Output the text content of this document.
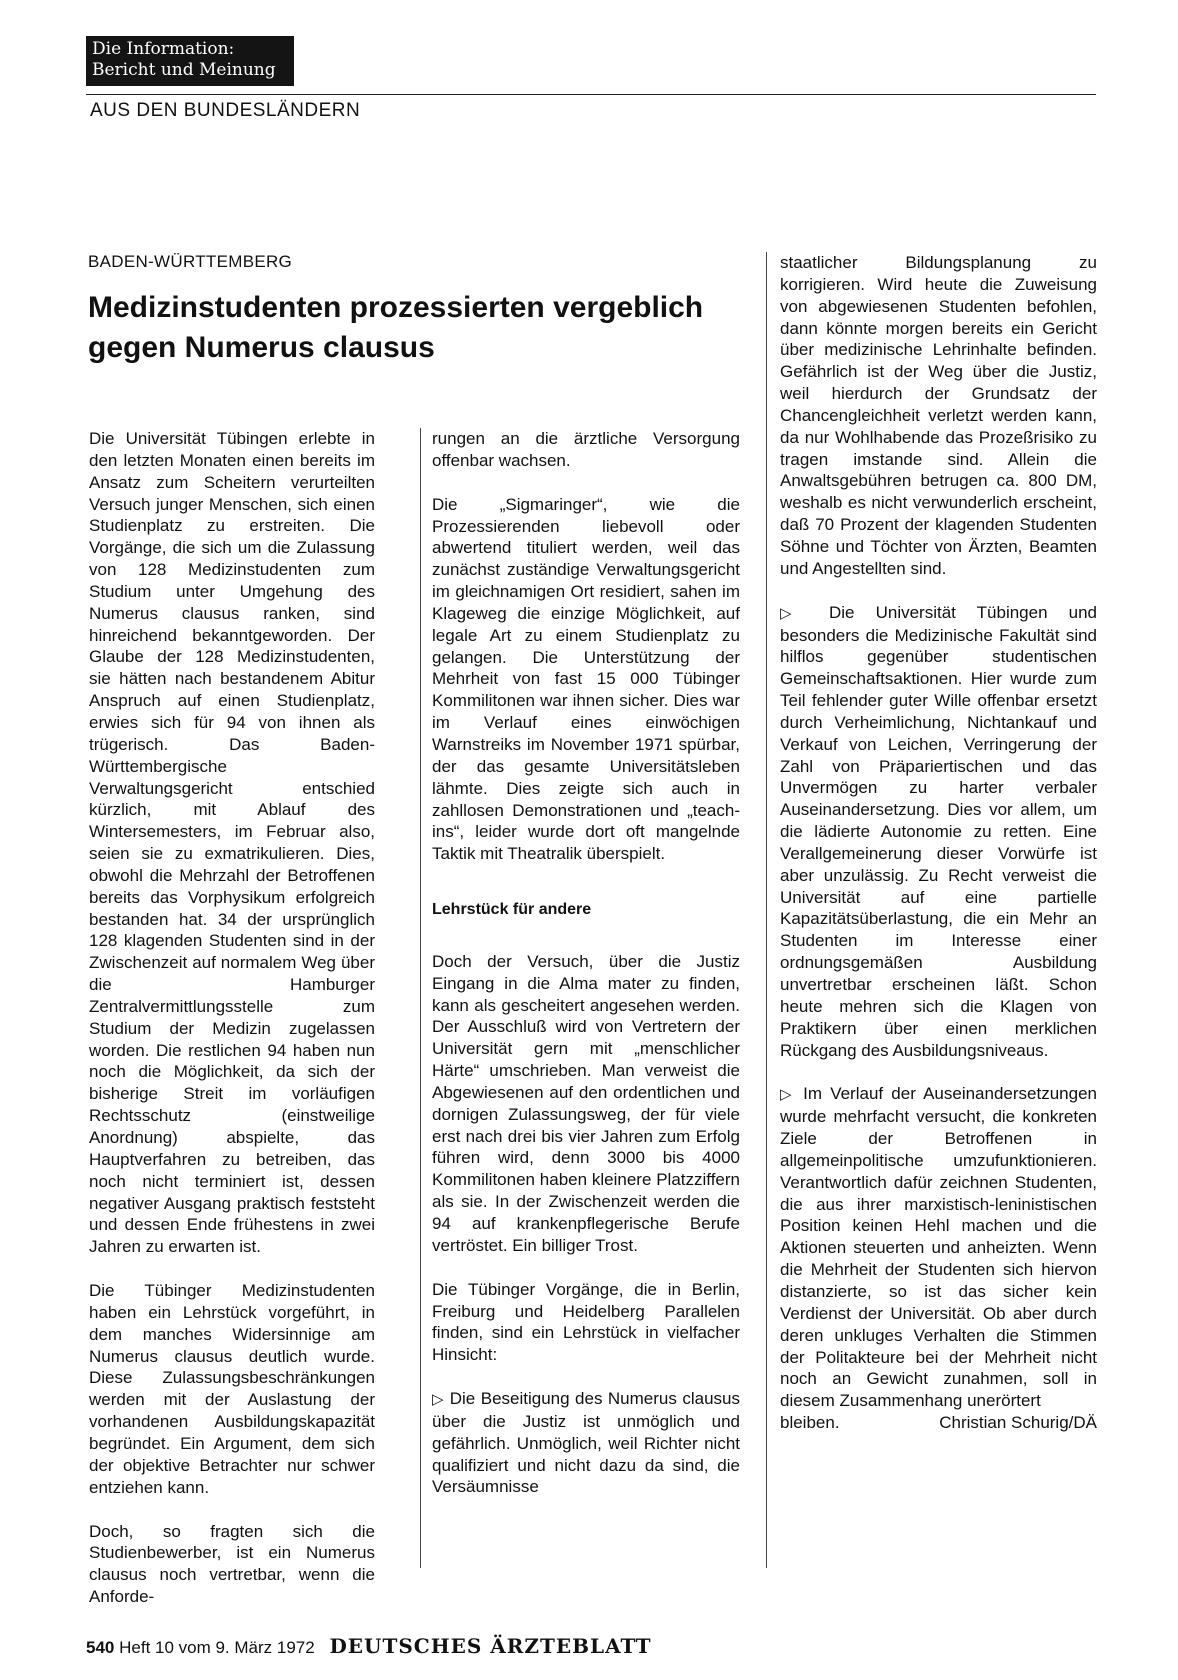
Die Information:
Bericht und Meinung
AUS DEN BUNDESLÄNDERN
BADEN-WÜRTTEMBERG
Medizinstudenten prozessierten vergeblich gegen Numerus clausus

Die Universität Tübingen erlebte in den letzten Monaten einen bereits im Ansatz zum Scheitern verurteilten Versuch junger Menschen, sich einen Studienplatz zu erstreiten. Die Vorgänge, die sich um die Zulassung von 128 Medizinstudenten zum Studium unter Umgehung des Numerus clausus ranken, sind hinreichend bekanntgeworden. Der Glaube der 128 Medizinstudenten, sie hätten nach bestandenem Abitur Anspruch auf einen Studienplatz, erwies sich für 94 von ihnen als trügerisch. Das Baden-Württembergische Verwaltungsgericht entschied kürzlich, mit Ablauf des Wintersemesters, im Februar also, seien sie zu exmatrikulieren. Dies, obwohl die Mehrzahl der Betroffenen bereits das Vorphysikum erfolgreich bestanden hat. 34 der ursprünglich 128 klagenden Studenten sind in der Zwischenzeit auf normalem Weg über die Hamburger Zentralvermittlungsstelle zum Studium der Medizin zugelassen worden. Die restlichen 94 haben nun noch die Möglichkeit, da sich der bisherige Streit im vorläufigen Rechtsschutz (einstweilige Anordnung) abspielte, das Hauptverfahren zu betreiben, das noch nicht terminiert ist, dessen negativer Ausgang praktisch feststeht und dessen Ende frühestens in zwei Jahren zu erwarten ist.

Die Tübinger Medizinstudenten haben ein Lehrstück vorgeführt, in dem manches Widersinnige am Numerus clausus deutlich wurde. Diese Zulassungsbeschränkungen werden mit der Auslastung der vorhandenen Ausbildungskapazität begründet. Ein Argument, dem sich der objektive Betrachter nur schwer entziehen kann.

Doch, so fragten sich die Studienbewerber, ist ein Numerus clausus noch vertretbar, wenn die Anforde-

rungen an die ärztliche Versorgung offenbar wachsen.

Die „Sigmaringer“, wie die Prozessierenden liebevoll oder abwertend tituliert werden, weil das zunächst zuständige Verwaltungsgericht im gleichnamigen Ort residiert, sahen im Klageweg die einzige Möglichkeit, auf legale Art zu einem Studienplatz zu gelangen. Die Unterstützung der Mehrheit von fast 15 000 Tübinger Kommilitonen war ihnen sicher. Dies war im Verlauf eines einwöchigen Warnstreiks im November 1971 spürbar, der das gesamte Universitätsleben lähmte. Dies zeigte sich auch in zahllosen Demonstrationen und „teach-ins“, leider wurde dort oft mangelnde Taktik mit Theatralik überspielt.

Lehrstück für andere

Doch der Versuch, über die Justiz Eingang in die Alma mater zu finden, kann als gescheitert angesehen werden. Der Ausschluß wird von Vertretern der Universität gern mit „menschlicher Härte“ umschrieben. Man verweist die Abgewiesenen auf den ordentlichen und dornigen Zulassungsweg, der für viele erst nach drei bis vier Jahren zum Erfolg führen wird, denn 3000 bis 4000 Kommilitonen haben kleinere Platzziffern als sie. In der Zwischenzeit werden die 94 auf krankenpflegerische Berufe vertröstet. Ein billiger Trost.

Die Tübinger Vorgänge, die in Berlin, Freiburg und Heidelberg Parallelen finden, sind ein Lehrstück in vielfacher Hinsicht:

▷ Die Beseitigung des Numerus clausus über die Justiz ist unmöglich und gefährlich. Unmöglich, weil Richter nicht qualifiziert und nicht dazu da sind, die Versäumnisse

staatlicher Bildungsplanung zu korrigieren. Wird heute die Zuweisung von abgewiesenen Studenten befohlen, dann könnte morgen bereits ein Gericht über medizinische Lehrinhalte befinden. Gefährlich ist der Weg über die Justiz, weil hierdurch der Grundsatz der Chancengleichheit verletzt werden kann, da nur Wohlhabende das Prozeßrisiko zu tragen imstande sind. Allein die Anwaltsgebühren betrugen ca. 800 DM, weshalb es nicht verwunderlich erscheint, daß 70 Prozent der klagenden Studenten Söhne und Töchter von Ärzten, Beamten und Angestellten sind.

▷ Die Universität Tübingen und besonders die Medizinische Fakultät sind hilflos gegenüber studentischen Gemeinschaftsaktionen. Hier wurde zum Teil fehlender guter Wille offenbar ersetzt durch Verheimlichung, Nichtankauf und Verkauf von Leichen, Verringerung der Zahl von Präpariertischen und das Unvermögen zu harter verbaler Auseinandersetzung. Dies vor allem, um die lädierte Autonomie zu retten. Eine Verallgemeinerung dieser Vorwürfe ist aber unzulässig. Zu Recht verweist die Universität auf eine partielle Kapazitätsüberlastung, die ein Mehr an Studenten im Interesse einer ordnungsgemäßen Ausbildung unvertretbar erscheinen läßt. Schon heute mehren sich die Klagen von Praktikern über einen merklichen Rückgang des Ausbildungsniveaus.

▷ Im Verlauf der Auseinandersetzungen wurde mehrfacht versucht, die konkreten Ziele der Betroffenen in allgemeinpolitische umzufunktionieren. Verantwortlich dafür zeichnen Studenten, die aus ihrer marxistisch-leninistischen Position keinen Hehl machen und die Aktionen steuerten und anheizten. Wenn die Mehrheit der Studenten sich hiervon distanzierte, so ist das sicher kein Verdienst der Universität. Ob aber durch deren unkluges Verhalten die Stimmen der Politakteure bei der Mehrheit nicht noch an Gewicht zunahmen, soll in diesem Zusammenhang unerörtert

bleiben.	Christian Schurig/DÄ
540 Heft 10 vom 9. März 1972 DEUTSCHES ÄRZTEBLATT
